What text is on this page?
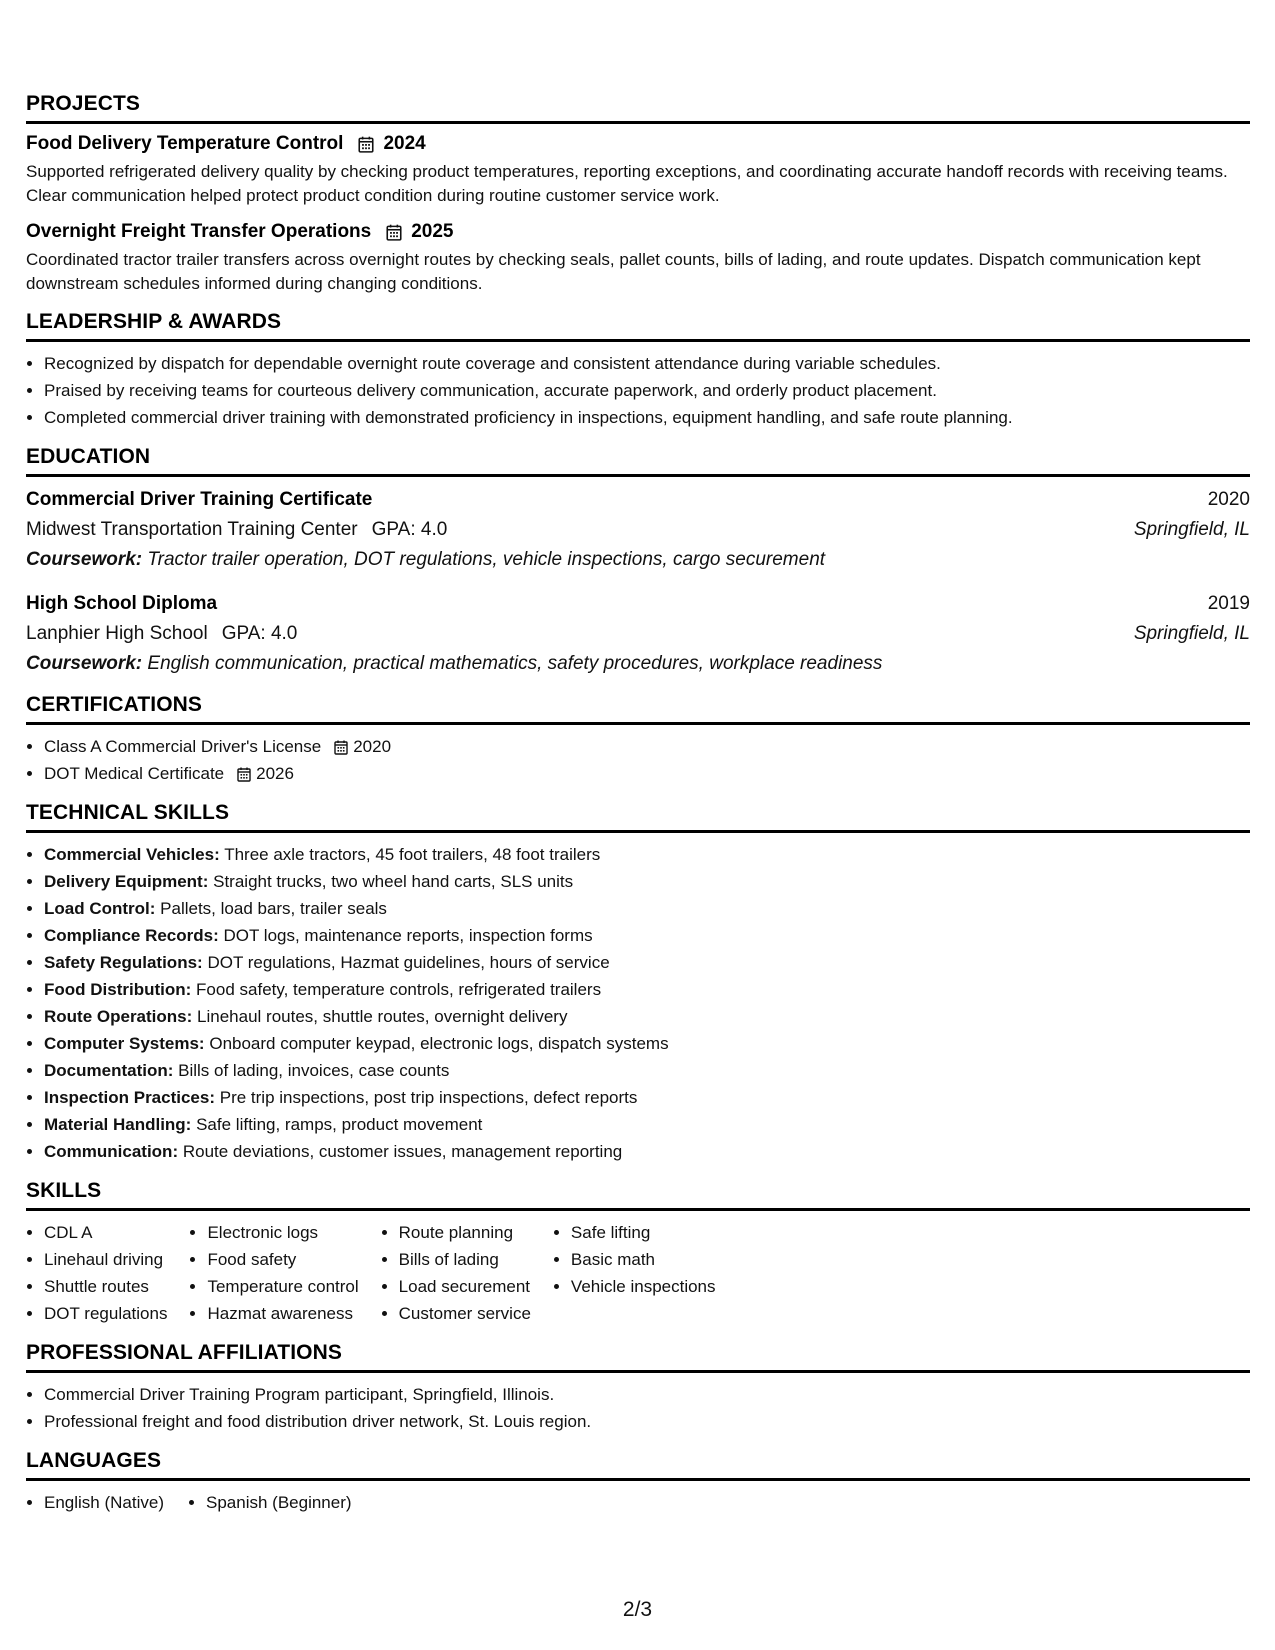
PROJECTS
Food Delivery Temperature Control 2024
Supported refrigerated delivery quality by checking product temperatures, reporting exceptions, and coordinating accurate handoff records with receiving teams. Clear communication helped protect product condition during routine customer service work.
Overnight Freight Transfer Operations 2025
Coordinated tractor trailer transfers across overnight routes by checking seals, pallet counts, bills of lading, and route updates. Dispatch communication kept downstream schedules informed during changing conditions.
LEADERSHIP & AWARDS
• Recognized by dispatch for dependable overnight route coverage and consistent attendance during variable schedules.
• Praised by receiving teams for courteous delivery communication, accurate paperwork, and orderly product placement.
• Completed commercial driver training with demonstrated proficiency in inspections, equipment handling, and safe route planning.
EDUCATION
Commercial Driver Training Certificate	2020
Midwest Transportation Training Center GPA: 4.0	Springfield, IL
Coursework: Tractor trailer operation, DOT regulations, vehicle inspections, cargo securement
High School Diploma	2019
Lanphier High School GPA: 4.0	Springfield, IL
Coursework: English communication, practical mathematics, safety procedures, workplace readiness
CERTIFICATIONS
• Class A Commercial Driver's License 2020
• DOT Medical Certificate 2026
TECHNICAL SKILLS
• Commercial Vehicles: Three axle tractors, 45 foot trailers, 48 foot trailers
• Delivery Equipment: Straight trucks, two wheel hand carts, SLS units
• Load Control: Pallets, load bars, trailer seals
• Compliance Records: DOT logs, maintenance reports, inspection forms
• Safety Regulations: DOT regulations, Hazmat guidelines, hours of service
• Food Distribution: Food safety, temperature controls, refrigerated trailers
• Route Operations: Linehaul routes, shuttle routes, overnight delivery
• Computer Systems: Onboard computer keypad, electronic logs, dispatch systems
• Documentation: Bills of lading, invoices, case counts
• Inspection Practices: Pre trip inspections, post trip inspections, defect reports
• Material Handling: Safe lifting, ramps, product movement
• Communication: Route deviations, customer issues, management reporting
SKILLS
• CDL A
• Linehaul driving
• Shuttle routes
• DOT regulations
• Electronic logs
• Food safety
• Temperature control
• Hazmat awareness
• Route planning
• Bills of lading
• Load securement
• Customer service
• Safe lifting
• Basic math
• Vehicle inspections
PROFESSIONAL AFFILIATIONS
• Commercial Driver Training Program participant, Springfield, Illinois.
• Professional freight and food distribution driver network, St. Louis region.
LANGUAGES
• English (Native)
• Spanish (Beginner)
2/3
